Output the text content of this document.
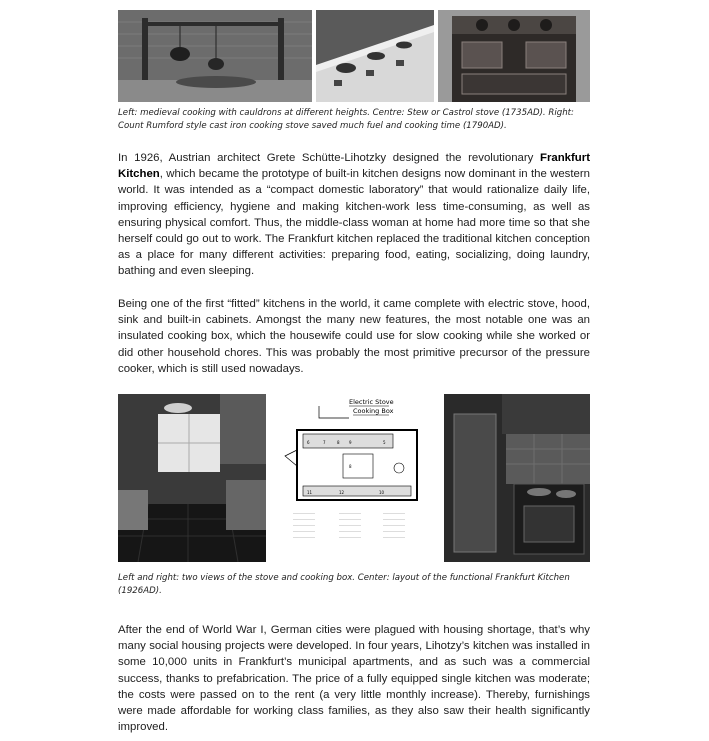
Left: medieval cooking with cauldrons at different heights. Centre: Stew or Castrol stove (1735AD). Right: Count Rumford style cast iron cooking stove saved much fuel and cooking time (1790AD).

In 1926, Austrian architect Grete Schütte-Lihotzky designed the revolutionary Frankfurt Kitchen, which became the prototype of built-in kitchen designs now dominant in the western world. It was intended as a “compact domestic laboratory” that would rationalize daily life, improving efficiency, hygiene and making kitchen-work less time-consuming, as well as ensuring physical comfort. Thus, the middle-class woman at home had more time so that she herself could go out to work. The Frankfurt kitchen replaced the traditional kitchen conception as a place for many different activities: preparing food, eating, socializing, doing laundry, bathing and even sleeping.

Being one of the first “fitted” kitchens in the world, it came complete with electric stove, hood, sink and built-in cabinets. Amongst the many new features, the most notable one was an insulated cooking box, which the housewife could use for slow cooking while she worked or did other household chores. This was probably the most primitive precursor of the pressure cooker, which is still used nowadays.

Electric Stove
Cooking Box
6	7	8 9	5
8
11	12	10
......................
......................
......................
......................
......................
......................
......................
......................
......................
......................
......................
......................
......................
......................
......................
Left and right: two views of the stove and cooking box. Center: layout of the functional Frankfurt Kitchen (1926AD).

After the end of World War I, German cities were plagued with housing shortage, that’s why many social housing projects were developed. In four years, Lihotzy’s kitchen was installed in some 10,000 units in Frankfurt’s municipal apartments, and as such was a commercial success, thanks to prefabrication. The price of a fully equipped single kitchen was moderate; the costs were passed on to the rent (a very little monthly increase). Thereby, furnishings were made affordable for working class families, as they also saw their health significantly improved.
